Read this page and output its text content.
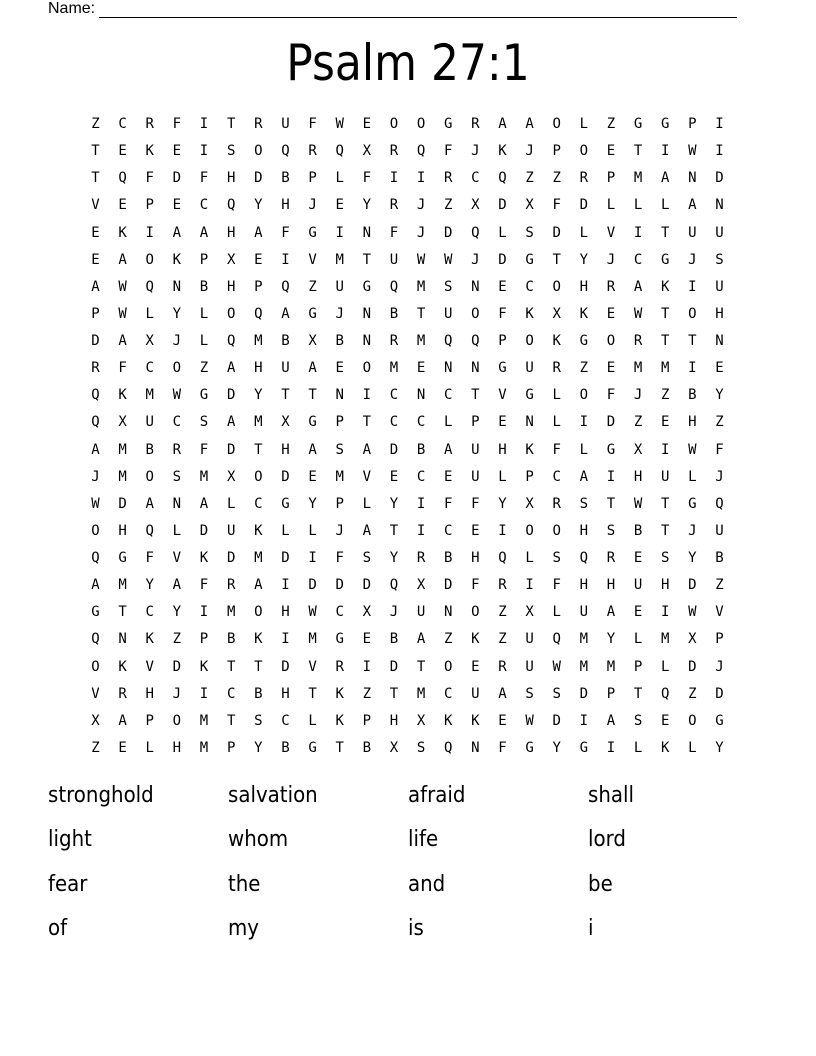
Name:
Psalm 27:1
ZCRFITRUFWEOOGRAAOLZGGPI
TEKEISOQRQXRQFJKJPOETIWI
TQFDFHDBPLFIIRCQZZRPMAND
VEPECQYHJEYRJZXDXFDLLLAN
EKIAAHAFGINFJDQLSDLVITUU
EAOKPXEIVMTUWWJDGTYJCGJS
AWQNBHPQZUGQMSNECOHRAKIU
PWLYLOQAGJNBTUOFKXKEWTOH
DAXJLQMBXBNRMQQPOKGORTTN
RFCOZAHUAEOMENNGURZEMMIE
QKMWGDYTTNICNCTVGLOFJZBY
QXUCSAMXGPTCCLPENLIDZEHZ
AMBRFDTHASADBAUHKFLGXIWF
JMOSMXODEMVECEULPCAIHULJ
WDANALCGYPLYIFFYXRSTWTGQ
OHQLDUKLLJATICEIOOHSBTJU
QGFVKDMDIFSYRBHQLSQRESYB
AMYAFRAIDDDQXDFRIFHHUHDZ
GTCYIMOHWCXJUNOZXLUAEIWV
QNKZPBKIMGEBAZKZUQMYLMXP
OKVDKTTDVRIDTOERUWMMPLDJ
VRHJICBHTKZTMCUASSDPTQZD
XAPOMTSCLKPHXKKEWDIASEOG
ZELHMPYBGTBXSQNFGYGILKLY
stronghold	salvation	afraid	shall
light	whom	life	lord
fear	the	and	be
of	my	is	i
